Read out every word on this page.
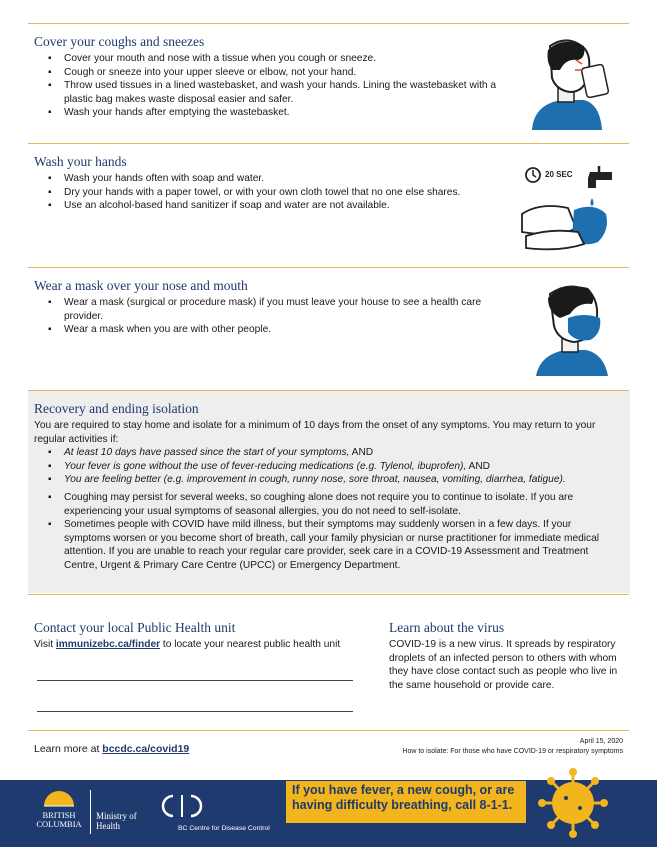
Cover your coughs and sneezes
▪ Cover your mouth and nose with a tissue when you cough or sneeze.
▪ Cough or sneeze into your upper sleeve or elbow, not your hand.
▪ Throw used tissues in a lined wastebasket, and wash your hands. Lining the wastebasket with a plastic bag makes waste disposal easier and safer.
▪ Wash your hands after emptying the wastebasket.
Wash your hands
▪ Wash your hands often with soap and water.
▪ Dry your hands with a paper towel, or with your own cloth towel that no one else shares.
▪ Use an alcohol-based hand sanitizer if soap and water are not available.
20 SEC
Wear a mask over your nose and mouth
▪ Wear a mask (surgical or procedure mask) if you must leave your house to see a health care provider.
▪ Wear a mask when you are with other people.
Recovery and ending isolation

You are required to stay home and isolate for a minimum of 10 days from the onset of any symptoms. You may return to your regular activities if:

▪ At least 10 days have passed since the start of your symptoms, AND
▪ Your fever is gone without the use of fever-reducing medications (e.g. Tylenol, ibuprofen), AND
▪ You are feeling better (e.g. improvement in cough, runny nose, sore throat, nausea, vomiting, diarrhea, fatigue).
▪ Coughing may persist for several weeks, so coughing alone does not require you to continue to isolate. If you are experiencing your usual symptoms of seasonal allergies, you do not need to self-isolate.
▪ Sometimes people with COVID have mild illness, but their symptoms may suddenly worsen in a few days. If your symptoms worsen or you become short of breath, call your family physician or nurse practitioner for immediate medical attention. If you are unable to reach your regular care provider, seek care in a COVID-19 Assessment and Treatment Centre, Urgent & Primary Care Centre (UPCC) or Emergency Department.
Contact your local Public Health unit

Visit immunizebc.ca/finder to locate your nearest public health unit

Learn about the virus

COVID-19 is a new virus. It spreads by respiratory droplets of an infected person to others with whom they have close contact such as people who live in the same household or provide care.

Learn more at bccdc.ca/covid19
April 15, 2020
How to isolate: For those who have COVID-19 or respiratory symptoms
BRITISH
COLUMBIA
Ministry of
Health	BC Centre for Disease Control
If you have fever, a new cough, or are having difficulty breathing, call 8-1-1.
